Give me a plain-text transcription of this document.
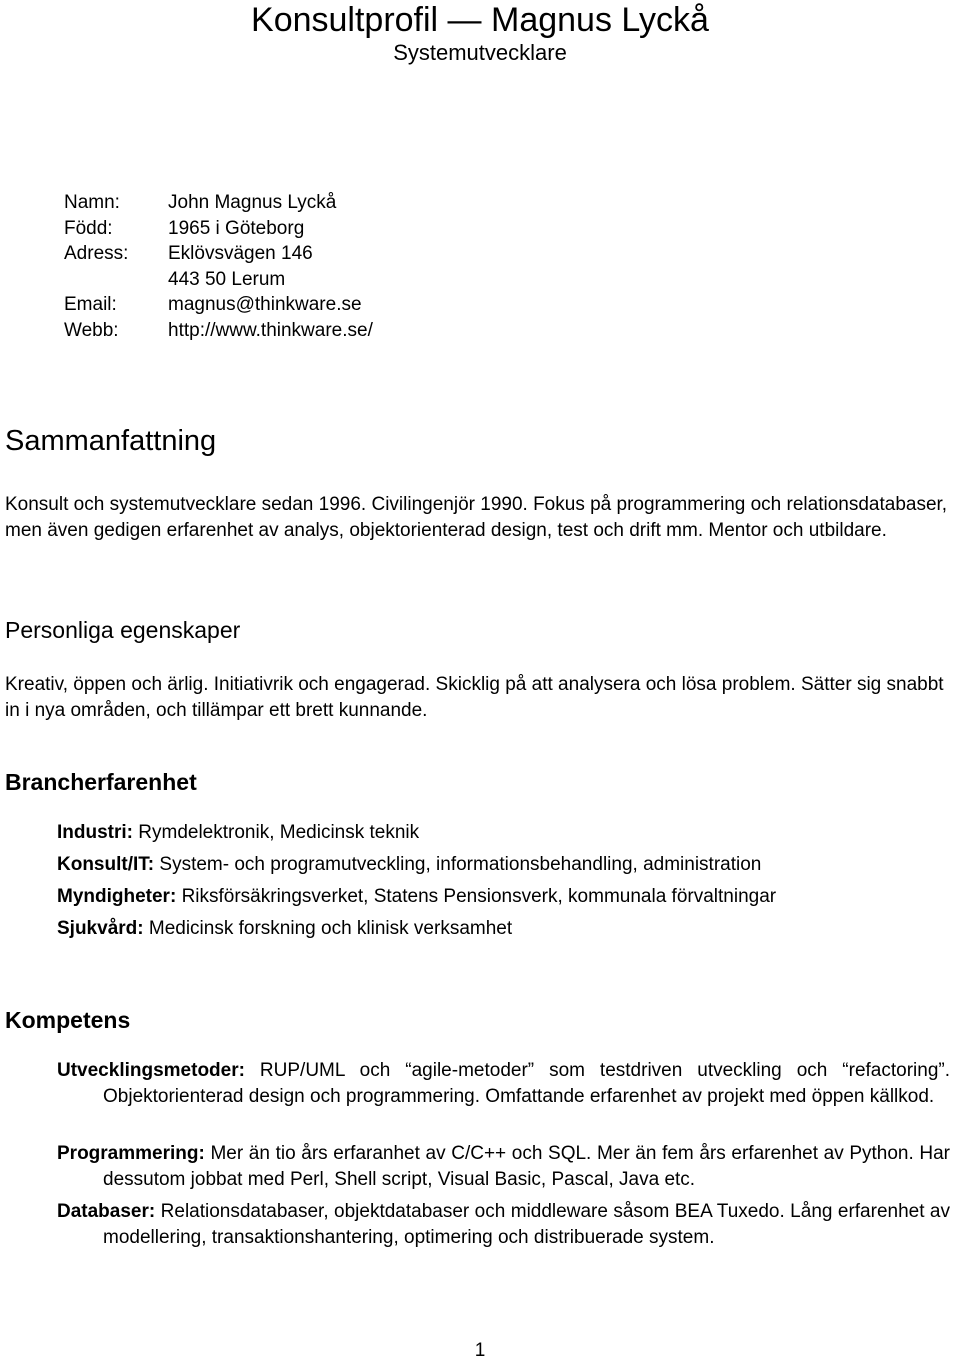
Konsultprofil — Magnus Lyckå
Systemutvecklare
Namn:	John Magnus Lyckå
Född:	1965 i Göteborg
Adress:	Eklövsvägen 146
	443 50 Lerum
Email:	magnus@thinkware.se
Webb:	http://www.thinkware.se/
Sammanfattning

Konsult och systemutvecklare sedan 1996. Civilingenjör 1990. Fokus på programmering och relationsdatabaser, men även gedigen erfarenhet av analys, objektorienterad design, test och drift mm. Mentor och utbildare.

Personliga egenskaper

Kreativ, öppen och ärlig. Initiativrik och engagerad. Skicklig på att analysera och lösa problem. Sätter sig snabbt in i nya områden, och tillämpar ett brett kunnande.

Brancherfarenhet
Industri: Rymdelektronik, Medicinsk teknik
Konsult/IT: System- och programutveckling, informationsbehandling, administration
Myndigheter: Riksförsäkringsverket, Statens Pensionsverk, kommunala förvaltningar
Sjukvård: Medicinsk forskning och klinisk verksamhet
Kompetens

Utvecklingsmetoder: RUP/UML och “agile-metoder” som testdriven utveckling och “refactoring”. Objektorienterad design och programmering. Omfattande erfarenhet av projekt med öppen källkod.

Programmering: Mer än tio års erfaranhet av C/C++ och SQL. Mer än fem års erfarenhet av Python. Har dessutom jobbat med Perl, Shell script, Visual Basic, Pascal, Java etc.

Databaser: Relationsdatabaser, objektdatabaser och middleware såsom BEA Tuxedo. Lång erfarenhet av modellering, transaktionshantering, optimering och distribuerade system.

1
